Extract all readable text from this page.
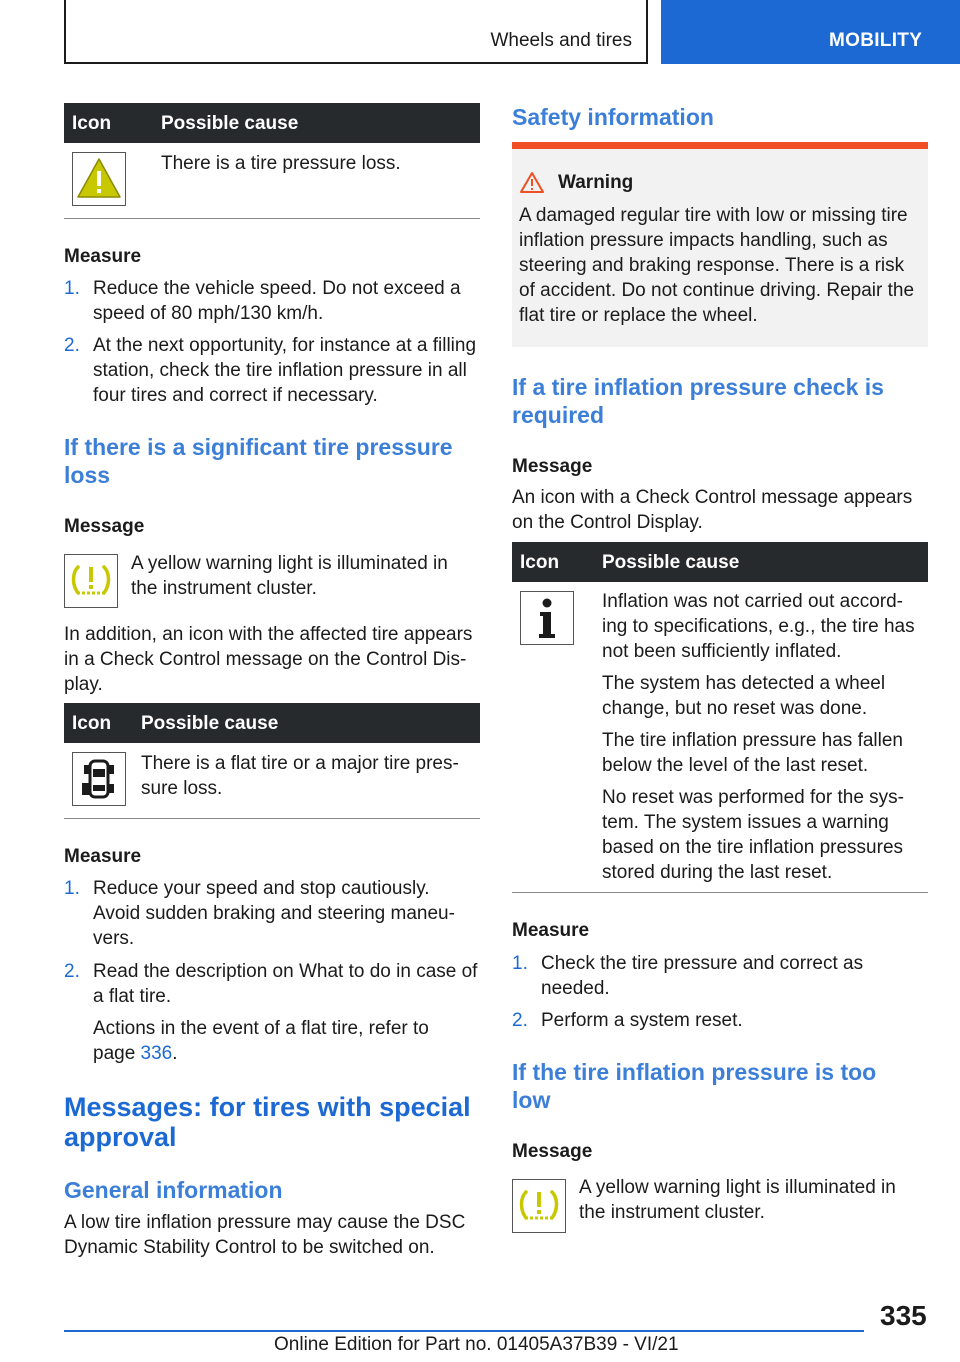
Wheels and tires	MOBILITY
Icon	Possible cause
There is a tire pressure loss.
Measure
1. Reduce the vehicle speed. Do not exceed a
speed of 80 mph/130 km/h.
2. At the next opportunity, for instance at a filling
station, check the tire inflation pressure in all
four tires and correct if necessary.
If there is a significant tire pressure
loss
Message
A yellow warning light is illuminated in
the instrument cluster.
In addition, an icon with the affected tire appears
in a Check Control message on the Control Dis-
play.
Icon Possible cause
There is a flat tire or a major tire pres-
sure loss.
Measure
1. Reduce your speed and stop cautiously.
Avoid sudden braking and steering maneu-
vers.
2. Read the description on What to do in case of
a flat tire.
Actions in the event of a flat tire, refer to
page 336.
Messages: for tires with special
approval
General information
A low tire inflation pressure may cause the DSC
Dynamic Stability Control to be switched on.
Safety information
Warning
A damaged regular tire with low or missing tire
inflation pressure impacts handling, such as
steering and braking response. There is a risk
of accident. Do not continue driving. Repair the
flat tire or replace the wheel.
If a tire inflation pressure check is
required
Message
An icon with a Check Control message appears
on the Control Display.
Icon Possible cause
Inflation was not carried out accord-
ing to specifications, e.g., the tire has
not been sufficiently inflated.
The system has detected a wheel
change, but no reset was done.
The tire inflation pressure has fallen
below the level of the last reset.
No reset was performed for the sys-
tem. The system issues a warning
based on the tire inflation pressures
stored during the last reset.
Measure
1. Check the tire pressure and correct as
needed.
2. Perform a system reset.
If the tire inflation pressure is too
low
Message
A yellow warning light is illuminated in
the instrument cluster.
335
Online Edition for Part no. 01405A37B39 - VI/21
